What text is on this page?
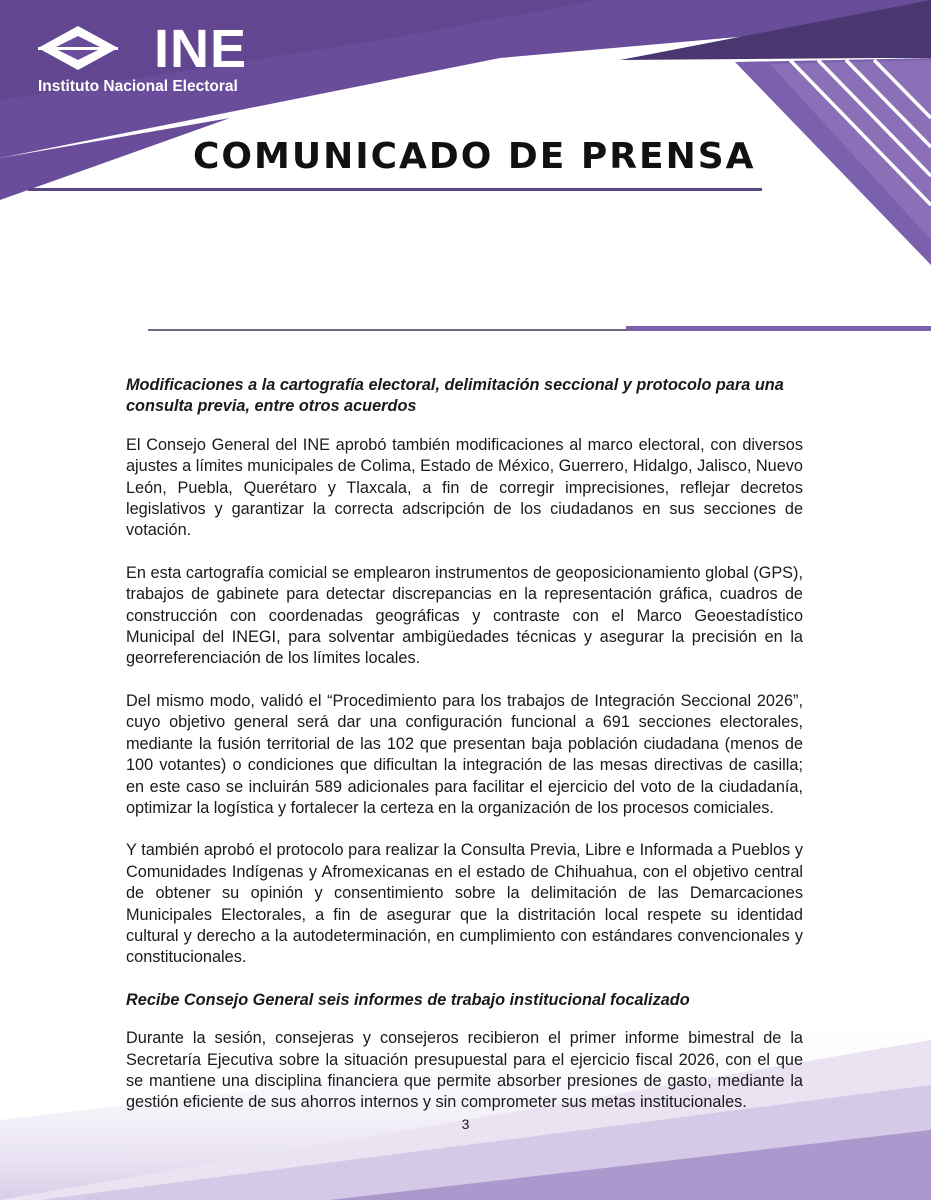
INE
Instituto Nacional Electoral
COMUNICADO DE PRENSA
Modificaciones a la cartografía electoral, delimitación seccional y protocolo para una consulta previa, entre otros acuerdos

El Consejo General del INE aprobó también modificaciones al marco electoral, con diversos ajustes a límites municipales de Colima, Estado de México, Guerrero, Hidalgo, Jalisco, Nuevo León, Puebla, Querétaro y Tlaxcala, a fin de corregir imprecisiones, reflejar decretos legislativos y garantizar la correcta adscripción de los ciudadanos en sus secciones de votación.

En esta cartografía comicial se emplearon instrumentos de geoposicionamiento global (GPS), trabajos de gabinete para detectar discrepancias en la representación gráfica, cuadros de construcción con coordenadas geográficas y contraste con el Marco Geoestadístico Municipal del INEGI, para solventar ambigüedades técnicas y asegurar la precisión en la georreferenciación de los límites locales.

Del mismo modo, validó el “Procedimiento para los trabajos de Integración Seccional 2026”, cuyo objetivo general será dar una configuración funcional a 691 secciones electorales, mediante la fusión territorial de las 102 que presentan baja población ciudadana (menos de 100 votantes) o condiciones que dificultan la integración de las mesas directivas de casilla; en este caso se incluirán 589 adicionales para facilitar el ejercicio del voto de la ciudadanía, optimizar la logística y fortalecer la certeza en la organización de los procesos comiciales.

Y también aprobó el protocolo para realizar la Consulta Previa, Libre e Informada a Pueblos y Comunidades Indígenas y Afromexicanas en el estado de Chihuahua, con el objetivo central de obtener su opinión y consentimiento sobre la delimitación de las Demarcaciones Municipales Electorales, a fin de asegurar que la distritación local respete su identidad cultural y derecho a la autodeterminación, en cumplimiento con estándares convencionales y constitucionales.

Recibe Consejo General seis informes de trabajo institucional focalizado

Durante la sesión, consejeras y consejeros recibieron el primer informe bimestral de la Secretaría Ejecutiva sobre la situación presupuestal para el ejercicio fiscal 2026, con el que se mantiene una disciplina financiera que permite absorber presiones de gasto, mediante la gestión eficiente de sus ahorros internos y sin comprometer sus metas institucionales.

3
